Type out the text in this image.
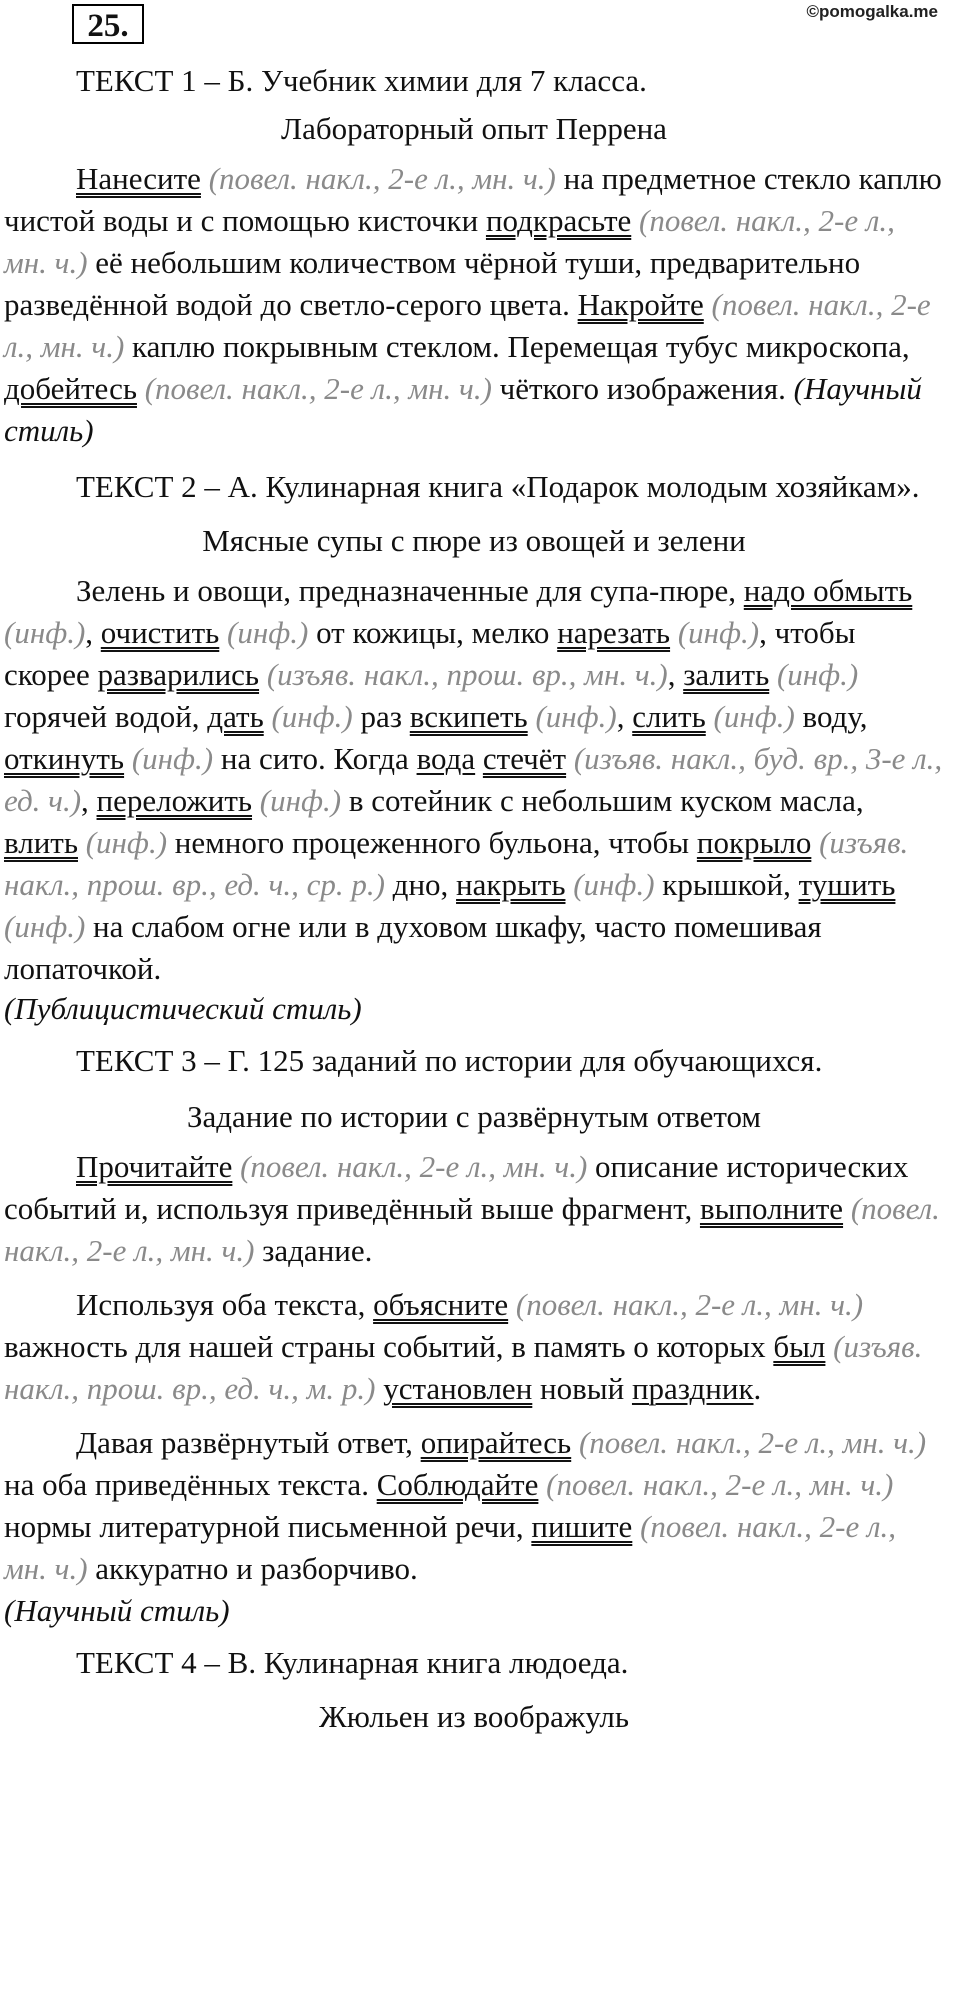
25.	©pomogalka.me

ТЕКСТ 1 – Б. Учебник химии для 7 класса.

Лабораторный опыт Перрена

Нанесите (повел. накл., 2-е л., мн. ч.) на предметное стекло каплю чистой воды и с помощью кисточки подкрасьте (повел. накл., 2-е л., мн. ч.) её небольшим количеством чёрной туши, предварительно разведённой водой до светло-серого цвета. Накройте (повел. накл., 2-е л., мн. ч.) каплю покрывным стеклом. Перемещая тубус микроскопа, добейтесь (повел. накл., 2-е л., мн. ч.) чёткого изображения. (Научный стиль)

ТЕКСТ 2 – А. Кулинарная книга «Подарок молодым хозяйкам».

Мясные супы с пюре из овощей и зелени

Зелень и овощи, предназначенные для супа-пюре, надо обмыть (инф.), очистить (инф.) от кожицы, мелко нарезать (инф.), чтобы скорее разварились (изъяв. накл., прош. вр., мн. ч.), залить (инф.) горячей водой, дать (инф.) раз вскипеть (инф.), слить (инф.) воду, откинуть (инф.) на сито. Когда вода стечёт (изъяв. накл., буд. вр., 3-е л., ед. ч.), переложить (инф.) в сотейник с небольшим куском масла, влить (инф.) немного процеженного бульона, чтобы покрыло (изъяв. накл., прош. вр., ед. ч., ср. р.) дно, накрыть (инф.) крышкой, тушить (инф.) на слабом огне или в духовом шкафу, часто помешивая лопаточкой.

(Публицистический стиль)

ТЕКСТ 3 – Г. 125 заданий по истории для обучающихся.

Задание по истории с развёрнутым ответом

Прочитайте (повел. накл., 2-е л., мн. ч.) описание исторических событий и, используя приведённый выше фрагмент, выполните (повел. накл., 2-е л., мн. ч.) задание.

Используя оба текста, объясните (повел. накл., 2-е л., мн. ч.) важность для нашей страны событий, в память о которых был (изъяв. накл., прош. вр., ед. ч., м. р.) установлен новый праздник.

Давая развёрнутый ответ, опирайтесь (повел. накл., 2-е л., мн. ч.) на оба приведённых текста. Соблюдайте (повел. накл., 2-е л., мн. ч.) нормы литературной письменной речи, пишите (повел. накл., 2-е л., мн. ч.) аккуратно и разборчиво.

(Научный стиль)

ТЕКСТ 4 – В. Кулинарная книга людоеда.

Жюльен из воображуль
